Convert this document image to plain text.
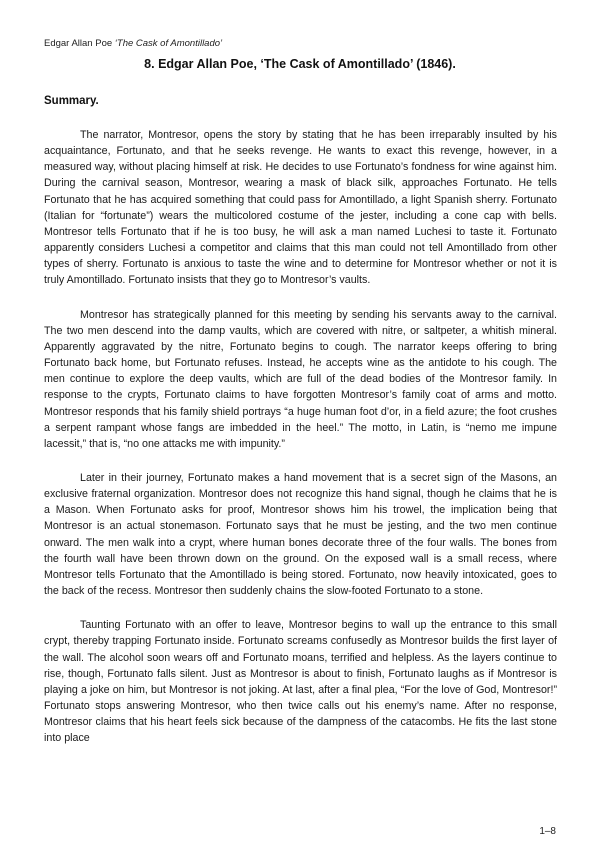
Edgar Allan Poe ‘The Cask of Amontillado’
8. Edgar Allan Poe, ‘The Cask of Amontillado’ (1846).
Summary.

The narrator, Montresor, opens the story by stating that he has been irreparably insulted by his acquaintance, Fortunato, and that he seeks revenge. He wants to exact this revenge, however, in a measured way, without placing himself at risk. He decides to use Fortunato’s fondness for wine against him. During the carnival season, Montresor, wearing a mask of black silk, approaches Fortunato. He tells Fortunato that he has acquired something that could pass for Amontillado, a light Spanish sherry. Fortunato (Italian for “fortunate”) wears the multicolored costume of the jester, including a cone cap with bells. Montresor tells Fortunato that if he is too busy, he will ask a man named Luchesi to taste it. Fortunato apparently considers Luchesi a competitor and claims that this man could not tell Amontillado from other types of sherry. Fortunato is anxious to taste the wine and to determine for Montresor whether or not it is truly Amontillado. Fortunato insists that they go to Montresor’s vaults.

Montresor has strategically planned for this meeting by sending his servants away to the carnival. The two men descend into the damp vaults, which are covered with nitre, or saltpeter, a whitish mineral. Apparently aggravated by the nitre, Fortunato begins to cough. The narrator keeps offering to bring Fortunato back home, but Fortunato refuses. Instead, he accepts wine as the antidote to his cough. The men continue to explore the deep vaults, which are full of the dead bodies of the Montresor family. In response to the crypts, Fortunato claims to have forgotten Montresor’s family coat of arms and motto. Montresor responds that his family shield portrays “a huge human foot d’or, in a field azure; the foot crushes a serpent rampant whose fangs are imbedded in the heel.” The motto, in Latin, is “nemo me impune lacessit,” that is, “no one attacks me with impunity.”

Later in their journey, Fortunato makes a hand movement that is a secret sign of the Masons, an exclusive fraternal organization. Montresor does not recognize this hand signal, though he claims that he is a Mason. When Fortunato asks for proof, Montresor shows him his trowel, the implication being that Montresor is an actual stonemason. Fortunato says that he must be jesting, and the two men continue onward. The men walk into a crypt, where human bones decorate three of the four walls. The bones from the fourth wall have been thrown down on the ground. On the exposed wall is a small recess, where Montresor tells Fortunato that the Amontillado is being stored. Fortunato, now heavily intoxicated, goes to the back of the recess. Montresor then suddenly chains the slow-footed Fortunato to a stone.

Taunting Fortunato with an offer to leave, Montresor begins to wall up the entrance to this small crypt, thereby trapping Fortunato inside. Fortunato screams confusedly as Montresor builds the first layer of the wall. The alcohol soon wears off and Fortunato moans, terrified and helpless. As the layers continue to rise, though, Fortunato falls silent. Just as Montresor is about to finish, Fortunato laughs as if Montresor is playing a joke on him, but Montresor is not joking. At last, after a final plea, “For the love of God, Montresor!” Fortunato stops answering Montresor, who then twice calls out his enemy’s name. After no response, Montresor claims that his heart feels sick because of the dampness of the catacombs. He fits the last stone into place

1–8
